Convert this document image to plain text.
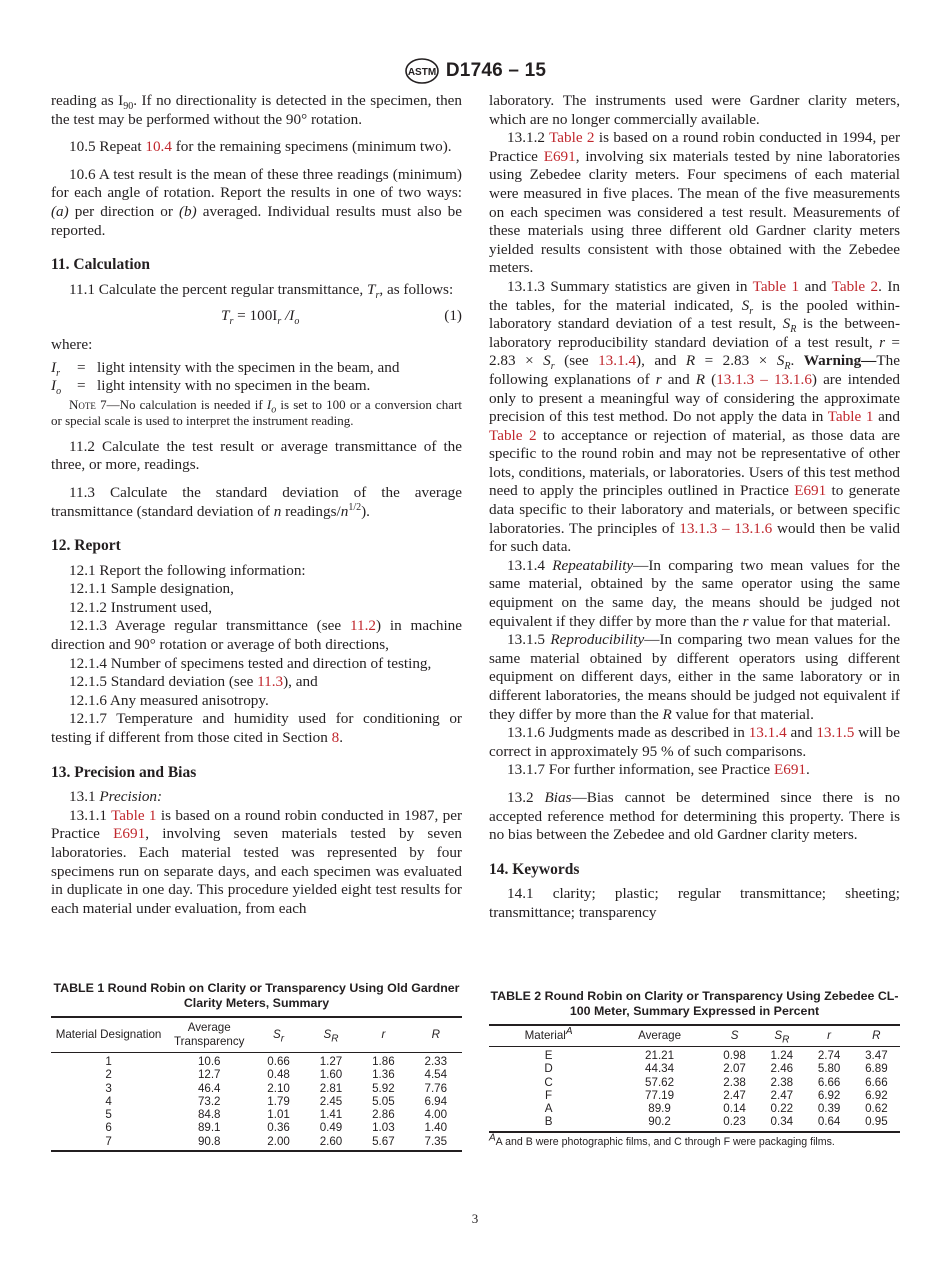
ASTM D1746 – 15

reading as $I_{90}$. If no directionality is detected in the specimen, then the test may be performed without the 90° rotation.

10.5 Repeat 10.4 for the remaining specimens (minimum two).

10.6 A test result is the mean of these three readings (minimum) for each angle of rotation. Report the results in one of two ways: (a) per direction or (b) averaged. Individual results must also be reported.

11. Calculation

11.1 Calculate the percent regular transmittance, $T_r$, as follows:

$T_r = 100I_r$ $/I_o$	(1)

where:

$I_r$	= light intensity with the specimen in the beam, and
$I_o$	= light intensity with no specimen in the beam.

Note 7—No calculation is needed if $I_o$ is set to 100 or a conversion chart or special scale is used to interpret the instrument reading.

11.2 Calculate the test result or average transmittance of the three, or more, readings.

11.3 Calculate the standard deviation of the average transmittance (standard deviation of n readings/$n^{1/2}$).

12. Report

12.1 Report the following information:

12.1.1 Sample designation,

12.1.2 Instrument used,

12.1.3 Average regular transmittance (see 11.2) in machine direction and 90° rotation or average of both directions,

12.1.4 Number of specimens tested and direction of testing,

12.1.5 Standard deviation (see 11.3), and

12.1.6 Any measured anisotropy.

12.1.7 Temperature and humidity used for conditioning or testing if different from those cited in Section 8.

13. Precision and Bias

13.1 Precision:

13.1.1 Table 1 is based on a round robin conducted in 1987, per Practice E691, involving seven materials tested by seven laboratories. Each material tested was represented by four specimens run on separate days, and each specimen was evaluated in duplicate in one day. This procedure yielded eight test results for each material under evaluation, from each

laboratory. The instruments used were Gardner clarity meters, which are no longer commercially available.

13.1.2 Table 2 is based on a round robin conducted in 1994, per Practice E691, involving six materials tested by nine laboratories using Zebedee clarity meters. Four specimens of each material were measured in five places. The mean of the five measurements on each specimen was considered a test result. Measurements of these materials using three different old Gardner clarity meters yielded results consistent with those obtained with the Zebedee meters.

13.1.3 Summary statistics are given in Table 1 and Table 2. In the tables, for the material indicated, $S_r$ is the pooled within-laboratory standard deviation of a test result, $S_R$ is the between-laboratory reproducibility standard deviation of a test result, $r = 2.83 \times S_r$ (see 13.1.4), and $R = 2.83 \times S_R$. Warning—The following explanations of r and R (13.1.3 – 13.1.6) are intended only to present a meaningful way of considering the approximate precision of this test method. Do not apply the data in Table 1 and Table 2 to acceptance or rejection of material, as those data are specific to the round robin and may not be representative of other lots, conditions, materials, or laboratories. Users of this test method need to apply the principles outlined in Practice E691 to generate data specific to their laboratory and materials, or between specific laboratories. The principles of 13.1.3 – 13.1.6 would then be valid for such data.

13.1.4 Repeatability—In comparing two mean values for the same material, obtained by the same operator using the same equipment on the same day, the means should be judged not equivalent if they differ by more than the r value for that material.

13.1.5 Reproducibility—In comparing two mean values for the same material obtained by different operators using different equipment on different days, either in the same laboratory or in different laboratories, the means should be judged not equivalent if they differ by more than the R value for that material.

13.1.6 Judgments made as described in 13.1.4 and 13.1.5 will be correct in approximately 95 % of such comparisons.

13.1.7 For further information, see Practice E691.

13.2 Bias—Bias cannot be determined since there is no accepted reference method for determining this property. There is no bias between the Zebedee and old Gardner clarity meters.

14. Keywords

14.1 clarity; plastic; regular transmittance; sheeting; transmittance; transparency

TABLE 1 Round Robin on Clarity or Transparency Using Old Gardner Clarity Meters, Summary
Material Designation	Average Transparency	$S_r$	$S_R$	r	R
1	10.6	0.66	1.27	1.86	2.33
2	12.7	0.48	1.60	1.36	4.54
3	46.4	2.10	2.81	5.92	7.76
4	73.2	1.79	2.45	5.05	6.94
5	84.8	1.01	1.41	2.86	4.00
6	89.1	0.36	0.49	1.03	1.40
7	90.8	2.00	2.60	5.67	7.35
TABLE 2 Round Robin on Clarity or Transparency Using Zebedee CL-100 Meter, Summary Expressed in Percent
Material$^A$	Average	S	$S_R$	r	R
E	21.21	0.98	1.24	2.74	3.47
D	44.34	2.07	2.46	5.80	6.89
C	57.62	2.38	2.38	6.66	6.66
F	77.19	2.47	2.47	6.92	6.92
A	89.9	0.14	0.22	0.39	0.62
B	90.2	0.23	0.34	0.64	0.95
$^A$A and B were photographic films, and C through F were packaging films.
3
